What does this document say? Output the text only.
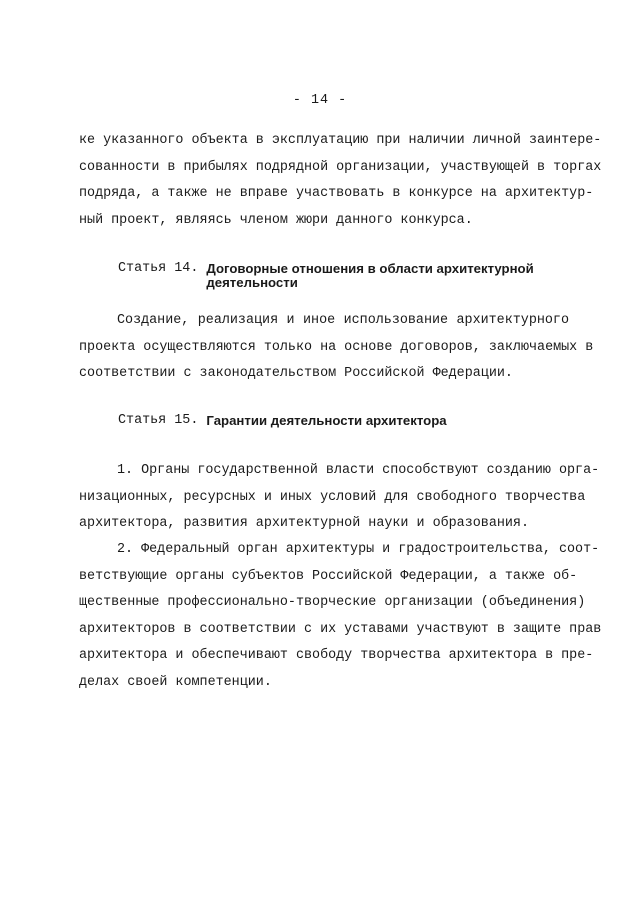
- 14 -
ке указанного объекта в эксплуатацию при наличии личной заинтере-
сованности в прибылях подрядной организации, участвующей в торгах
подряда, а также не вправе участвовать в конкурсе на архитектур-
ный проект, являясь членом жюри данного конкурса.
Статья 14. Договорные отношения в области архитектурной деятельности
Создание, реализация и иное использование архитектурного
проекта осуществляются только на основе договоров, заключаемых в
соответствии с законодательством Российской Федерации.
Статья 15. Гарантии деятельности архитектора
1. Органы государственной власти способствуют созданию орга-
низационных, ресурсных и иных условий для свободного творчества
архитектора, развития архитектурной науки и образования.
2. Федеральный орган архитектуры и градостроительства, соот-
ветствующие органы субъектов Российской Федерации, а также об-
щественные профессионально-творческие организации (объединения)
архитекторов в соответствии с их уставами участвуют в защите прав
архитектора и обеспечивают свободу творчества архитектора в пре-
делах своей компетенции.
